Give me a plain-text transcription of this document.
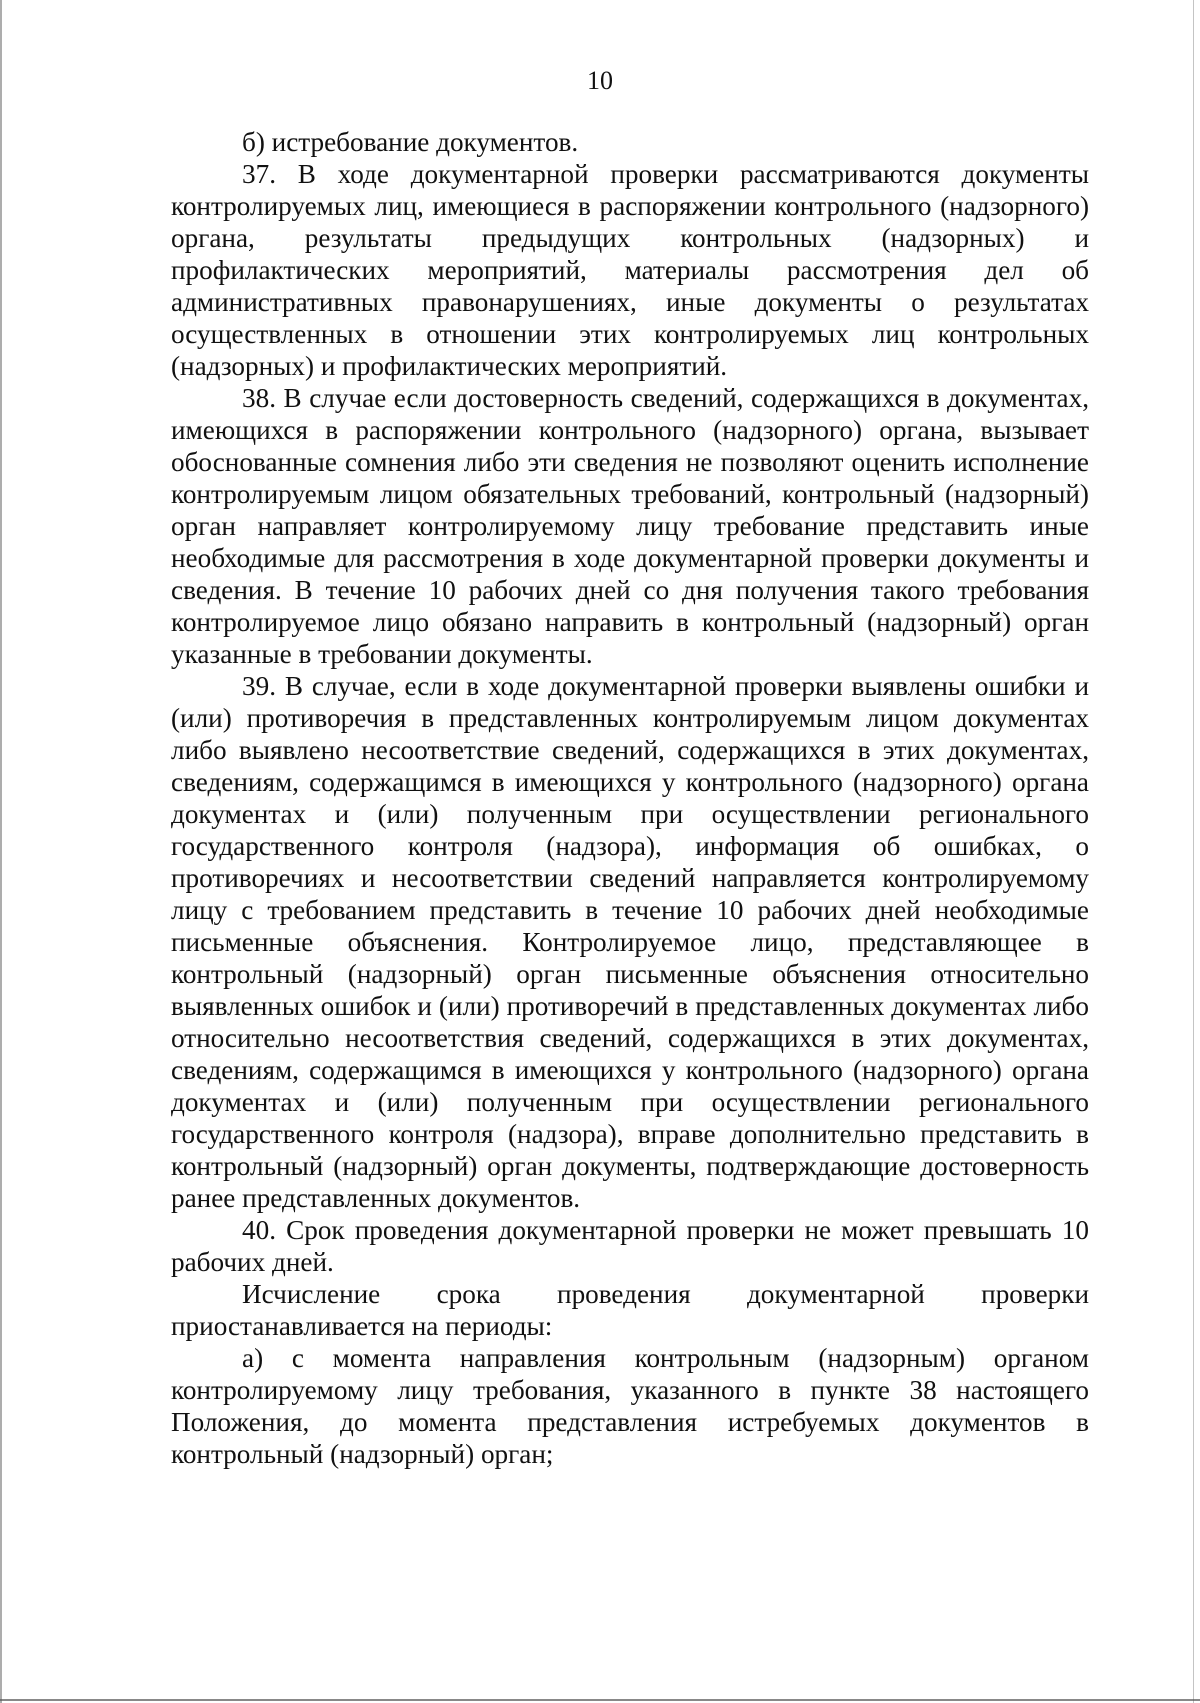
10

б) истребование документов.

37. В ходе документарной проверки рассматриваются документы контролируемых лиц, имеющиеся в распоряжении контрольного (надзорного) органа, результаты предыдущих контрольных (надзорных) и профилактических мероприятий, материалы рассмотрения дел об административных правонарушениях, иные документы о результатах осуществленных в отношении этих контролируемых лиц контрольных (надзорных) и профилактических мероприятий.

38. В случае если достоверность сведений, содержащихся в документах, имеющихся в распоряжении контрольного (надзорного) органа, вызывает обоснованные сомнения либо эти сведения не позволяют оценить исполнение контролируемым лицом обязательных требований, контрольный (надзорный) орган направляет контролируемому лицу требование представить иные необходимые для рассмотрения в ходе документарной проверки документы и сведения. В течение 10 рабочих дней со дня получения такого требования контролируемое лицо обязано направить в контрольный (надзорный) орган указанные в требовании документы.

39. В случае, если в ходе документарной проверки выявлены ошибки и (или) противоречия в представленных контролируемым лицом документах либо выявлено несоответствие сведений, содержащихся в этих документах, сведениям, содержащимся в имеющихся у контрольного (надзорного) органа документах и (или) полученным при осуществлении регионального государственного контроля (надзора), информация об ошибках, о противоречиях и несоответствии сведений направляется контролируемому лицу с требованием представить в течение 10 рабочих дней необходимые письменные объяснения. Контролируемое лицо, представляющее в контрольный (надзорный) орган письменные объяснения относительно выявленных ошибок и (или) противоречий в представленных документах либо относительно несоответствия сведений, содержащихся в этих документах, сведениям, содержащимся в имеющихся у контрольного (надзорного) органа документах и (или) полученным при осуществлении регионального государственного контроля (надзора), вправе дополнительно представить в контрольный (надзорный) орган документы, подтверждающие достоверность ранее представленных документов.

40. Срок проведения документарной проверки не может превышать 10 рабочих дней.

Исчисление срока проведения документарной проверки приостанавливается на периоды:

а) с момента направления контрольным (надзорным) органом контролируемому лицу требования, указанного в пункте 38 настоящего Положения, до момента представления истребуемых документов в контрольный (надзорный) орган;
